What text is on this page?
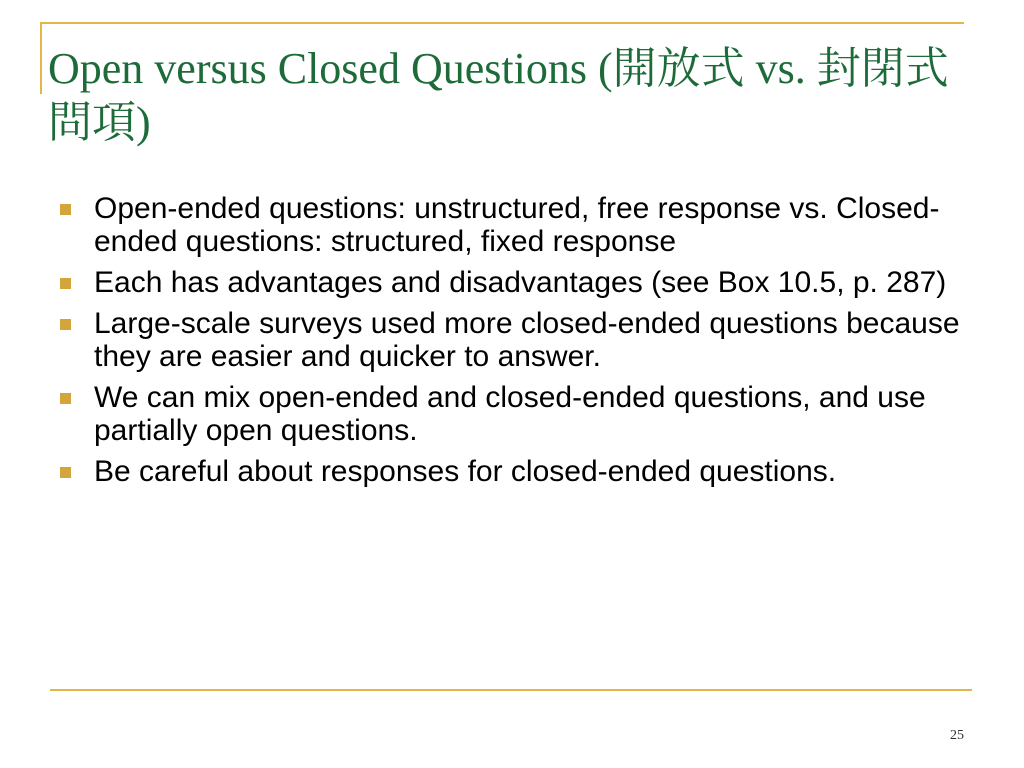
Open versus Closed Questions (開放式 vs. 封閉式問項)
Open-ended questions: unstructured, free response vs. Closed-ended questions: structured, fixed response
Each has advantages and disadvantages (see Box 10.5, p. 287)
Large-scale surveys used more closed-ended questions because they are easier and quicker to answer.
We can mix open-ended and closed-ended questions, and use partially open questions.
Be careful about responses for closed-ended questions.
25
